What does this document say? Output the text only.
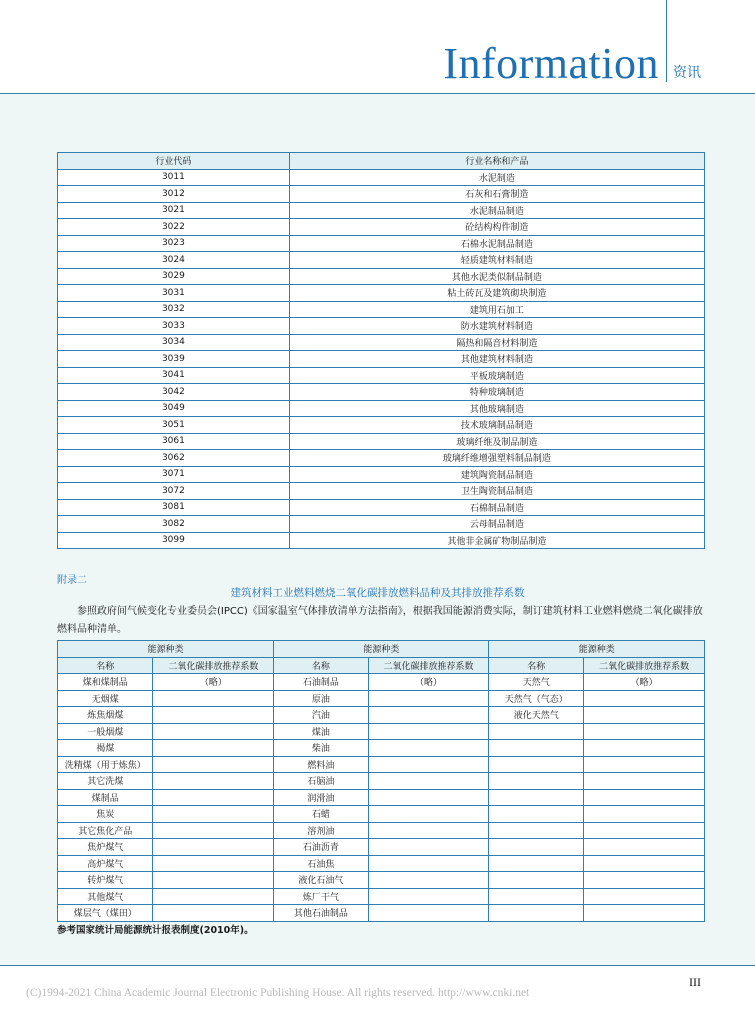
Information 资讯
行业代码	行业名称和产品
3011	水泥制造
3012	石灰和石膏制造
3021	水泥制品制造
3022	砼结构构件制造
3023	石棉水泥制品制造
3024	轻质建筑材料制造
3029	其他水泥类似制品制造
3031	粘土砖瓦及建筑砌块制造
3032	建筑用石加工
3033	防水建筑材料制造
3034	隔热和隔音材料制造
3039	其他建筑材料制造
3041	平板玻璃制造
3042	特种玻璃制造
3049	其他玻璃制造
3051	技术玻璃制品制造
3061	玻璃纤维及制品制造
3062	玻璃纤维增强塑料制品制造
3071	建筑陶瓷制品制造
3072	卫生陶瓷制品制造
3081	石棉制品制造
3082	云母制品制造
3099	其他非金属矿物制品制造
附录二
建筑材料工业燃料燃烧二氧化碳排放燃料品种及其排放推荐系数

参照政府间气候变化专业委员会(IPCC)《国家温室气体排放清单方法指南》，根据我国能源消费实际，制订建筑材料工业燃料燃烧二氧化碳排放燃料品种清单。

能源种类		能源种类		能源种类	
名称	二氧化碳排放推荐系数	名称	二氧化碳排放推荐系数	名称	二氧化碳排放推荐系数
煤和煤制品	（略）	石油制品	（略）	天然气	（略）
无烟煤		原油		天然气（气态）	
炼焦烟煤		汽油		液化天然气	
一般烟煤		煤油			
褐煤		柴油			
洗精煤（用于炼焦）		燃料油			
其它洗煤		石脑油			
煤制品		润滑油			
焦炭		石蜡			
其它焦化产品		溶剂油			
焦炉煤气		石油沥青			
高炉煤气		石油焦			
转炉煤气		液化石油气			
其他煤气		炼厂干气			
煤层气（煤田）		其他石油制品			
参考国家统计局能源统计报表制度(2010年)。
III
(C)1994-2021 China Academic Journal Electronic Publishing House. All rights reserved. http://www.cnki.net
